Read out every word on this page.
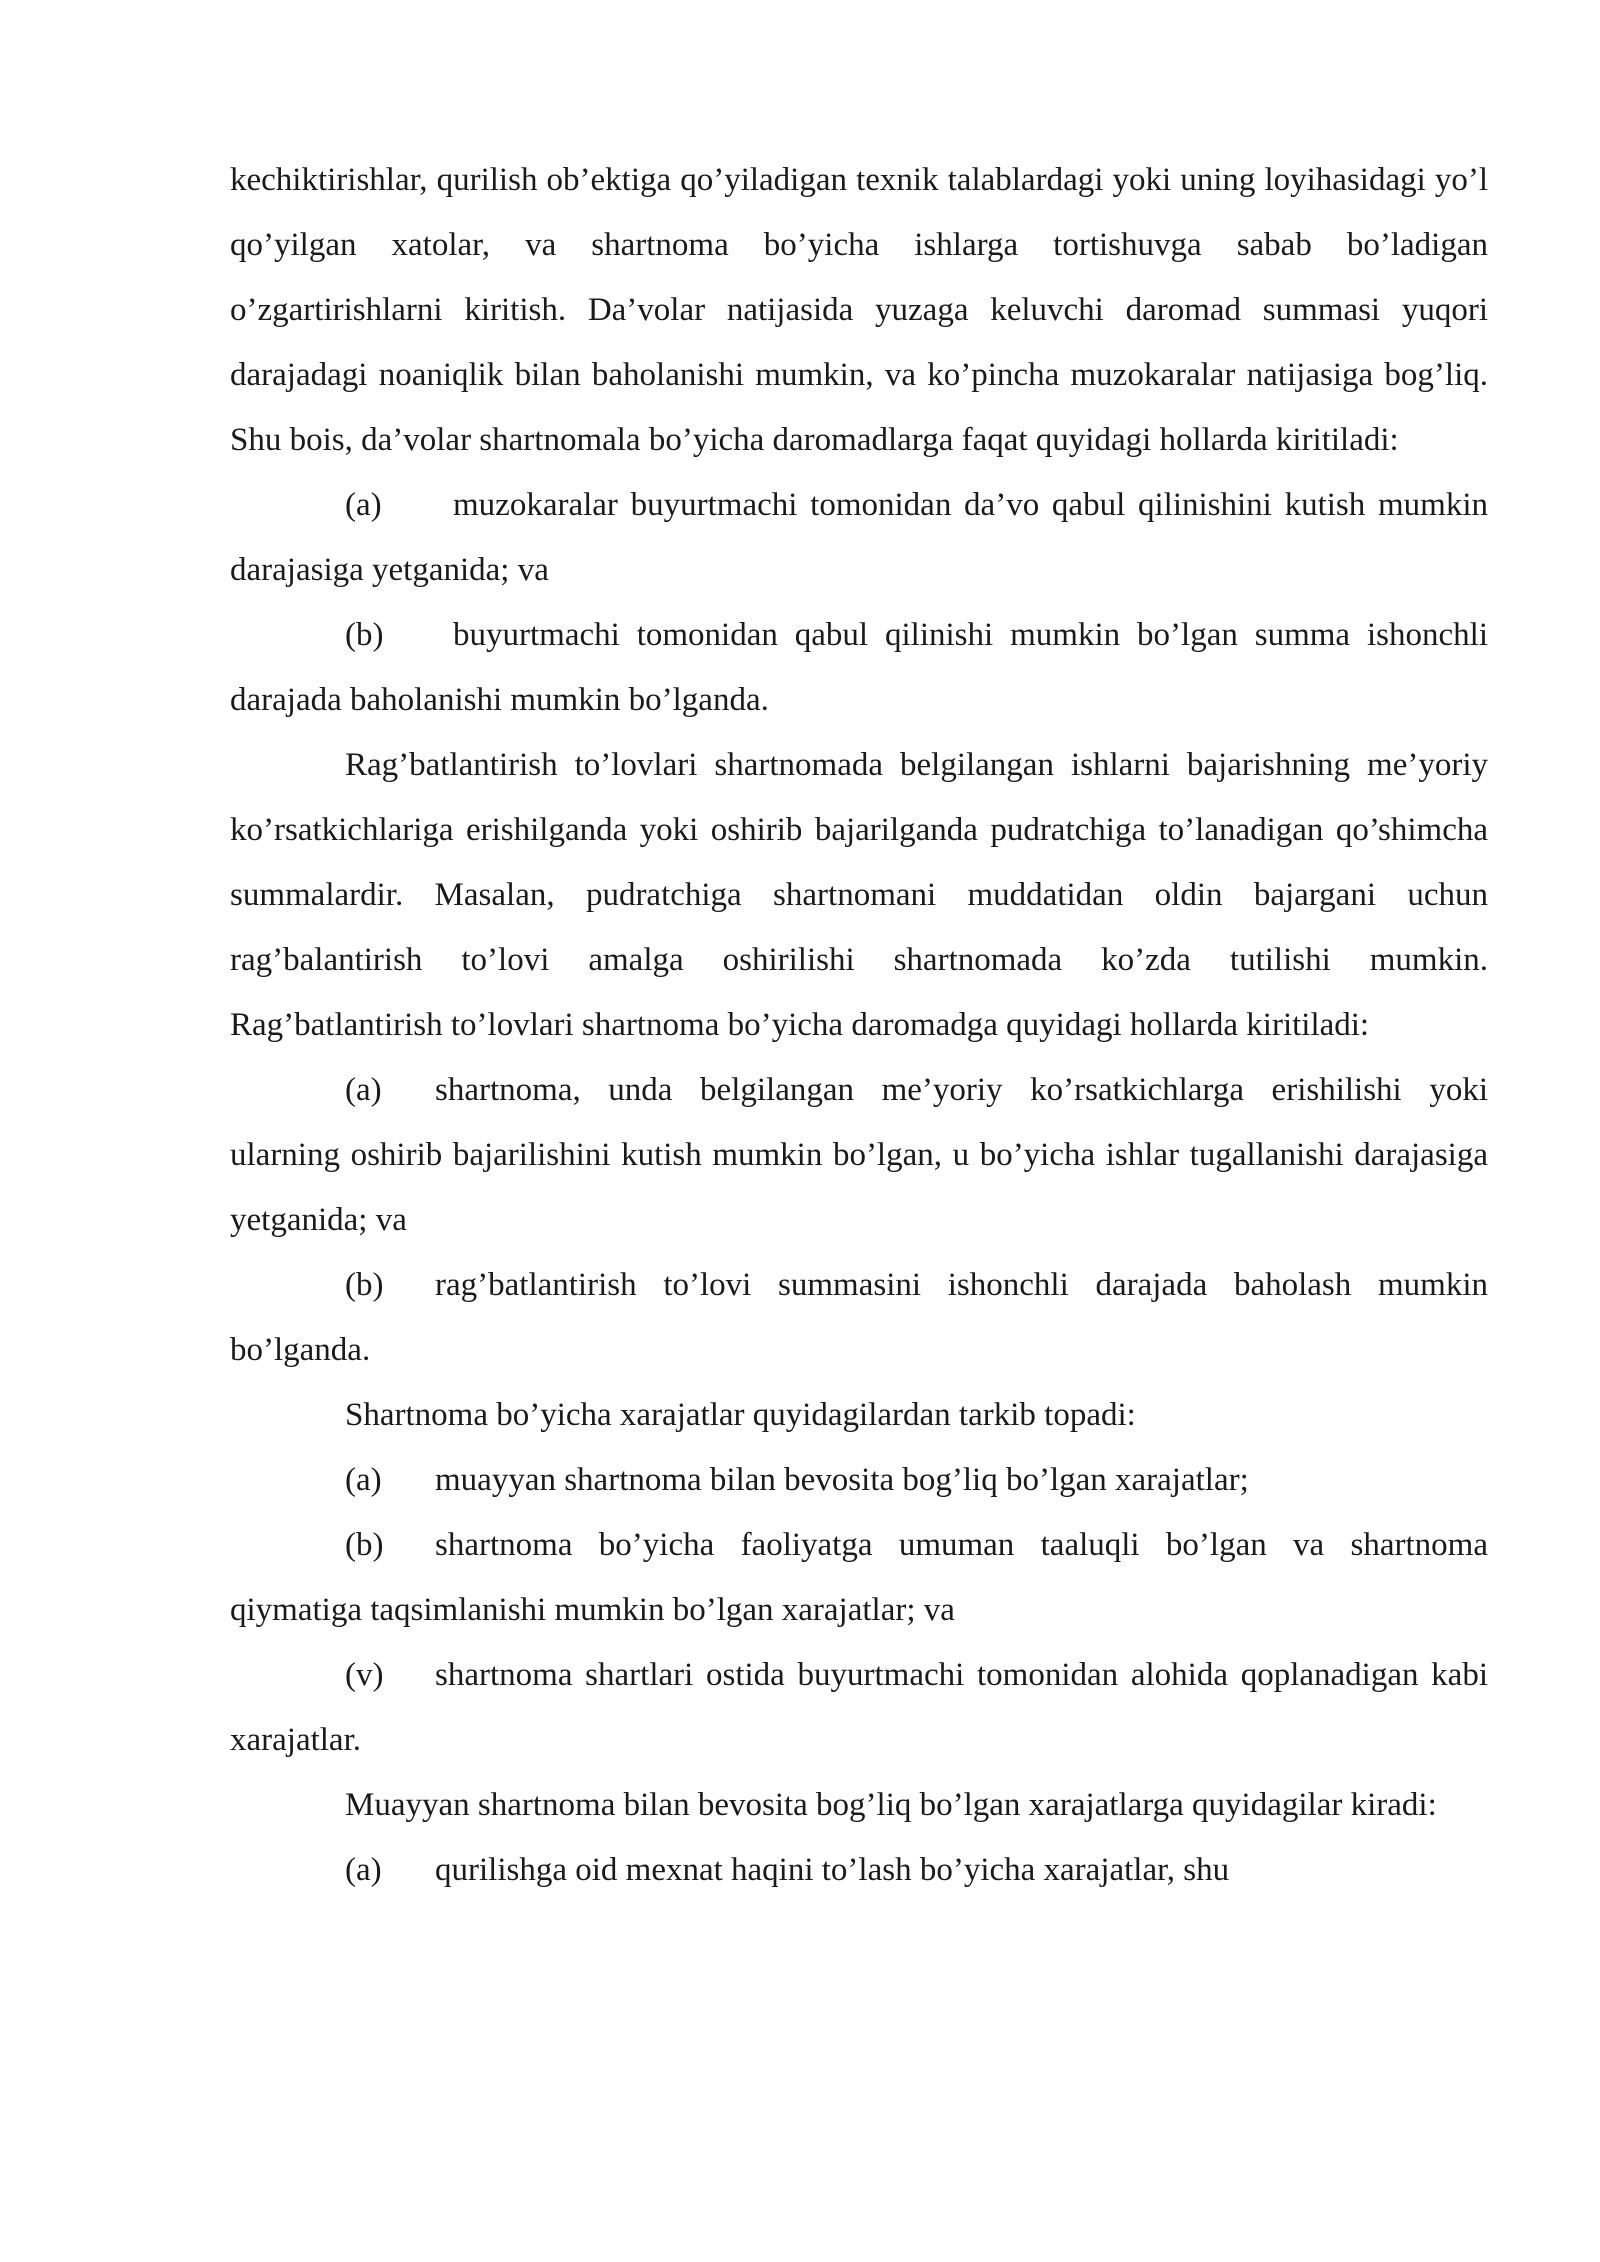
kechiktirishlar, qurilish ob’ektiga qo’yiladigan texnik talablardagi yoki uning loyihasidagi yo’l qo’yilgan xatolar, va shartnoma bo’yicha ishlarga tortishuvga sabab bo’ladigan o’zgartirishlarni kiritish. Da’volar natijasida yuzaga keluvchi daromad summasi yuqori darajadagi noaniqlik bilan baholanishi mumkin, va ko’pincha muzokaralar natijasiga bog’liq. Shu bois, da’volar shartnomala bo’yicha daromadlarga faqat quyidagi hollarda kiritiladi:

(a) muzokaralar buyurtmachi tomonidan da’vo qabul qilinishini kutish mumkin darajasiga yetganida; va

(b) buyurtmachi tomonidan qabul qilinishi mumkin bo’lgan summa ishonchli darajada baholanishi mumkin bo’lganda.

Rag’batlantirish to’lovlari shartnomada belgilangan ishlarni bajarishning me’yoriy ko’rsatkichlariga erishilganda yoki oshirib bajarilganda pudratchiga to’lanadigan qo’shimcha summalardir. Masalan, pudratchiga shartnomani muddatidan oldin bajargani uchun rag’balantirish to’lovi amalga oshirilishi shartnomada ko’zda tutilishi mumkin. Rag’batlantirish to’lovlari shartnoma bo’yicha daromadga quyidagi hollarda kiritiladi:

(a) shartnoma, unda belgilangan me’yoriy ko’rsatkichlarga erishilishi yoki ularning oshirib bajarilishini kutish mumkin bo’lgan, u bo’yicha ishlar tugallanishi darajasiga yetganida; va

(b) rag’batlantirish to’lovi summasini ishonchli darajada baholash mumkin bo’lganda.

Shartnoma bo’yicha xarajatlar quyidagilardan tarkib topadi:

(a) muayyan shartnoma bilan bevosita bog’liq bo’lgan xarajatlar;

(b) shartnoma bo’yicha faoliyatga umuman taaluqli bo’lgan va shartnoma qiymatiga taqsimlanishi mumkin bo’lgan xarajatlar; va

(v) shartnoma shartlari ostida buyurtmachi tomonidan alohida qoplanadigan kabi xarajatlar.

Muayyan shartnoma bilan bevosita bog’liq bo’lgan xarajatlarga quyidagilar kiradi:

(a) qurilishga oid mexnat haqini to’lash bo’yicha xarajatlar, shu
